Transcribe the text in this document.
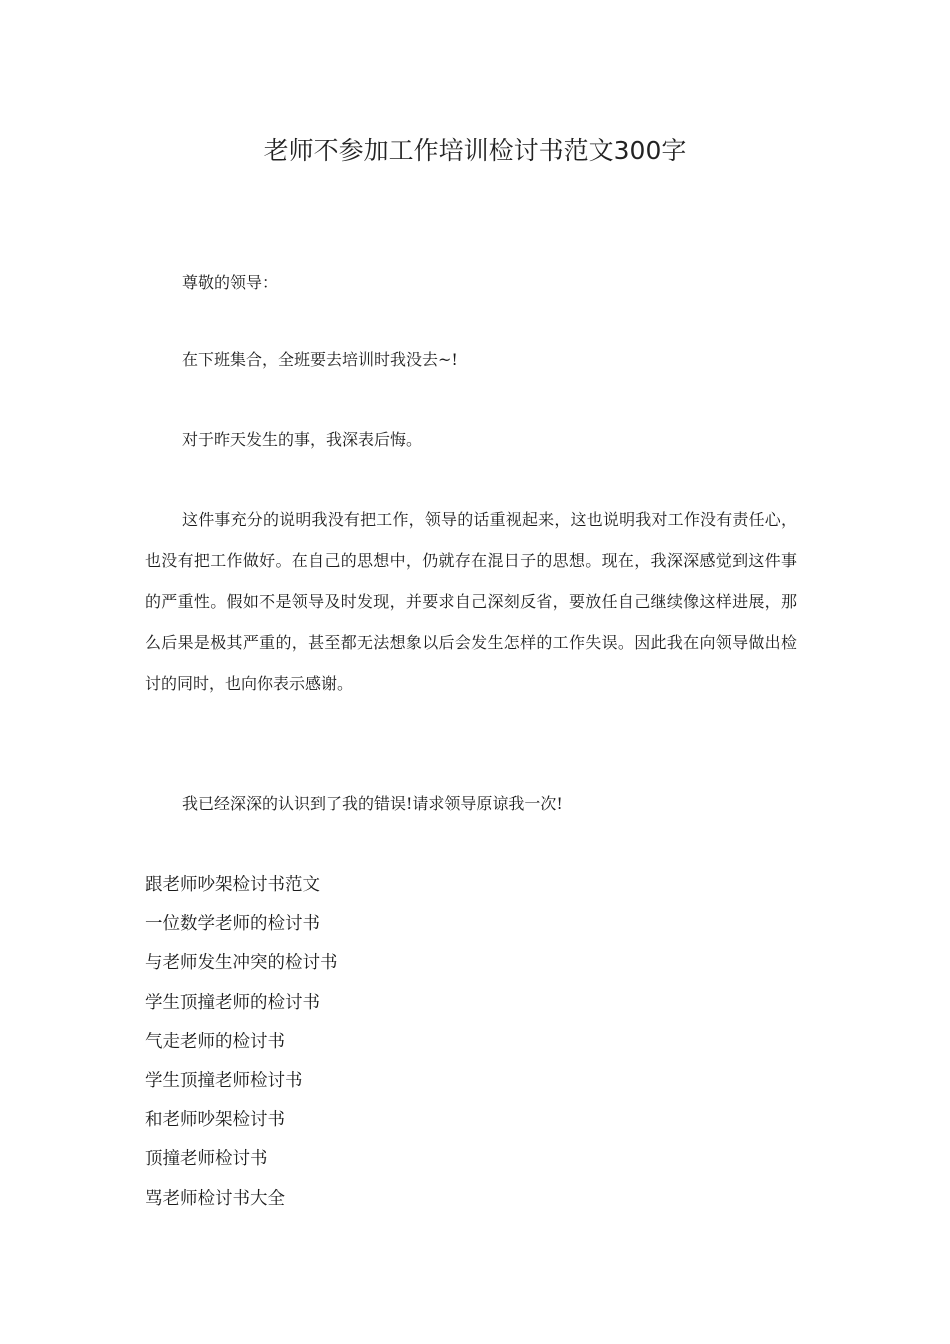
老师不参加工作培训检讨书范文300字

尊敬的领导：

在下班集合，全班要去培训时我没去~!

对于昨天发生的事，我深表后悔。

这件事充分的说明我没有把工作，领导的话重视起来，这也说明我对工作没有责任心，也没有把工作做好。在自己的思想中，仍就存在混日子的思想。现在，我深深感觉到这件事的严重性。假如不是领导及时发现，并要求自己深刻反省，要放任自己继续像这样进展，那么后果是极其严重的，甚至都无法想象以后会发生怎样的工作失误。因此我在向领导做出检讨的同时，也向你表示感谢。

我已经深深的认识到了我的错误!请求领导原谅我一次!

跟老师吵架检讨书范文
一位数学老师的检讨书
与老师发生冲突的检讨书
学生顶撞老师的检讨书
气走老师的检讨书
学生顶撞老师检讨书
和老师吵架检讨书
顶撞老师检讨书
骂老师检讨书大全
